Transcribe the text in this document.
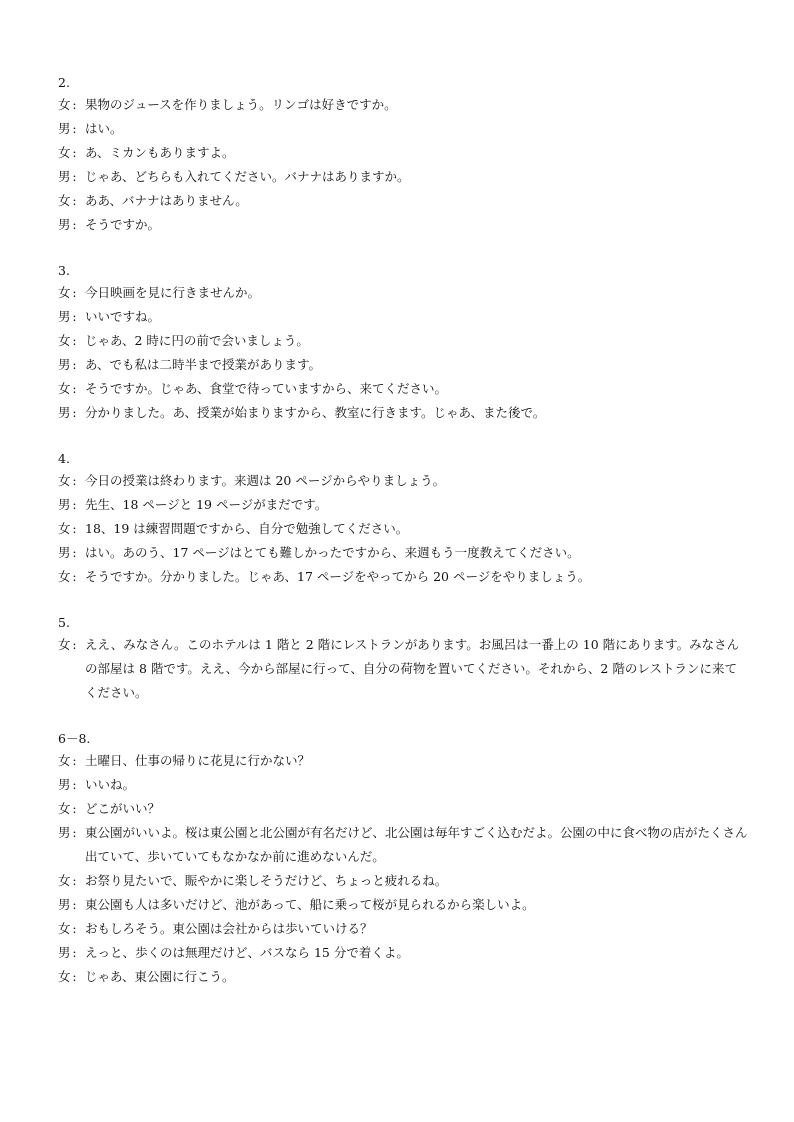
2.
女 : 果物のジュースを作りましょう。リンゴは好きですか。
男 : はい。
女 : あ、ミカンもありますよ。
男 : じゃあ、どちらも入れてください。バナナはありますか。
女 : ああ、バナナはありません。
男 : そうですか。
3.
女 : 今日映画を見に行きませんか。
男 : いいですね。
女 : じゃあ、2 時に円の前で会いましょう。
男 : あ、でも私は二時半まで授業があります。
女 : そうですか。じゃあ、食堂で待っていますから、来てください。
男 : 分かりました。あ、授業が始まりますから、教室に行きます。じゃあ、また後で。
4.
女 : 今日の授業は終わります。来週は 20 ページからやりましょう。
男 : 先生、18 ページと 19 ページがまだです。
女 : 18、19 は練習問題ですから、自分で勉強してください。
男 : はい。あのう、17 ページはとても難しかったですから、来週もう一度教えてください。
女 : そうですか。分かりました。じゃあ、17 ページをやってから 20 ページをやりましょう。
5.
女 : ええ、みなさん。このホテルは 1 階と 2 階にレストランがあります。お風呂は一番上の 10 階にあります。みなさんの部屋は 8 階です。ええ、今から部屋に行って、自分の荷物を置いてください。それから、2 階のレストランに来てください。
6－8.
女 : 土曜日、仕事の帰りに花見に行かない？
男 : いいね。
女 : どこがいい？
男 : 東公園がいいよ。桜は東公園と北公園が有名だけど、北公園は毎年すごく込むだよ。公園の中に食べ物の店がたくさん出ていて、歩いていてもなかなか前に進めないんだ。
女 : お祭り見たいで、賑やかに楽しそうだけど、ちょっと疲れるね。
男 : 東公園も人は多いだけど、池があって、船に乗って桜が見られるから楽しいよ。
女 : おもしろそう。東公園は会社からは歩いていける？
男 : えっと、歩くのは無理だけど、バスなら 15 分で着くよ。
女 : じゃあ、東公園に行こう。
